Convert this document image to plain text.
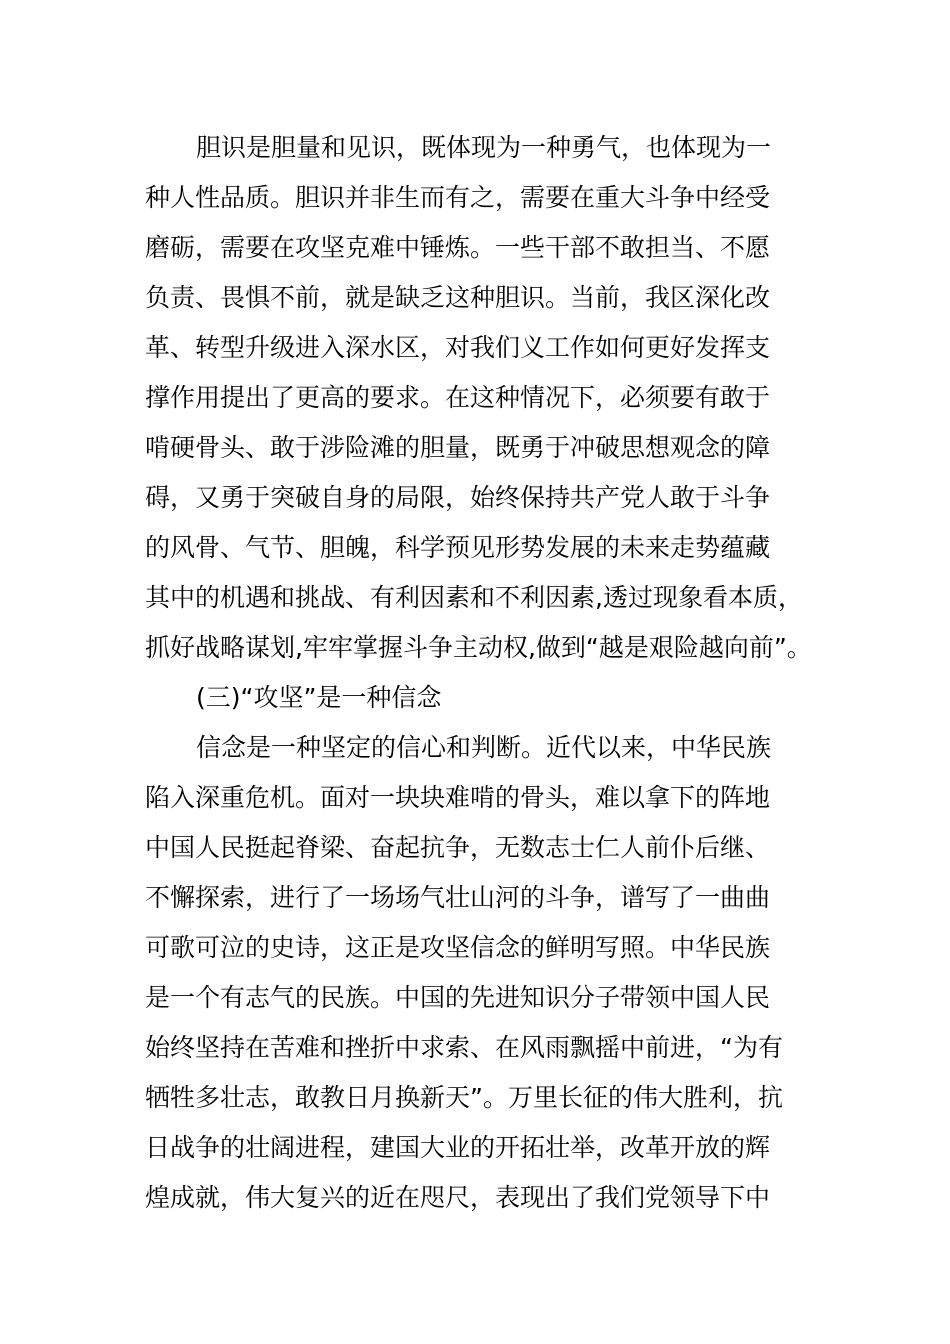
胆识是胆量和见识，既体现为一种勇气，也体现为一
种人性品质。胆识并非生而有之，需要在重大斗争中经受
磨砺，需要在攻坚克难中锤炼。一些干部不敢担当、不愿
负责、畏惧不前，就是缺乏这种胆识。当前，我区深化改
革、转型升级进入深水区，对我们义工作如何更好发挥支
撑作用提出了更高的要求。在这种情况下，必须要有敢于
啃硬骨头、敢于涉险滩的胆量，既勇于冲破思想观念的障
碍，又勇于突破自身的局限，始终保持共产党人敢于斗争
的风骨、气节、胆魄，科学预见形势发展的未来走势蕴藏
其中的机遇和挑战、有利因素和不利因素,透过现象看本质，
抓好战略谋划,牢牢掌握斗争主动权,做到“越是艰险越向前”。
(三)“攻坚”是一种信念
信念是一种坚定的信心和判断。近代以来，中华民族
陷入深重危机。面对一块块难啃的骨头，难以拿下的阵地
中国人民挺起脊梁、奋起抗争，无数志士仁人前仆后继、
不懈探索，进行了一场场气壮山河的斗争，谱写了一曲曲
可歌可泣的史诗，这正是攻坚信念的鲜明写照。中华民族
是一个有志气的民族。中国的先进知识分子带领中国人民
始终坚持在苦难和挫折中求索、在风雨飘摇中前进，“为有
牺牲多壮志，敢教日月换新天”。万里长征的伟大胜利，抗
日战争的壮阔进程，建国大业的开拓壮举，改革开放的辉
煌成就，伟大复兴的近在咫尺，表现出了我们党领导下中
